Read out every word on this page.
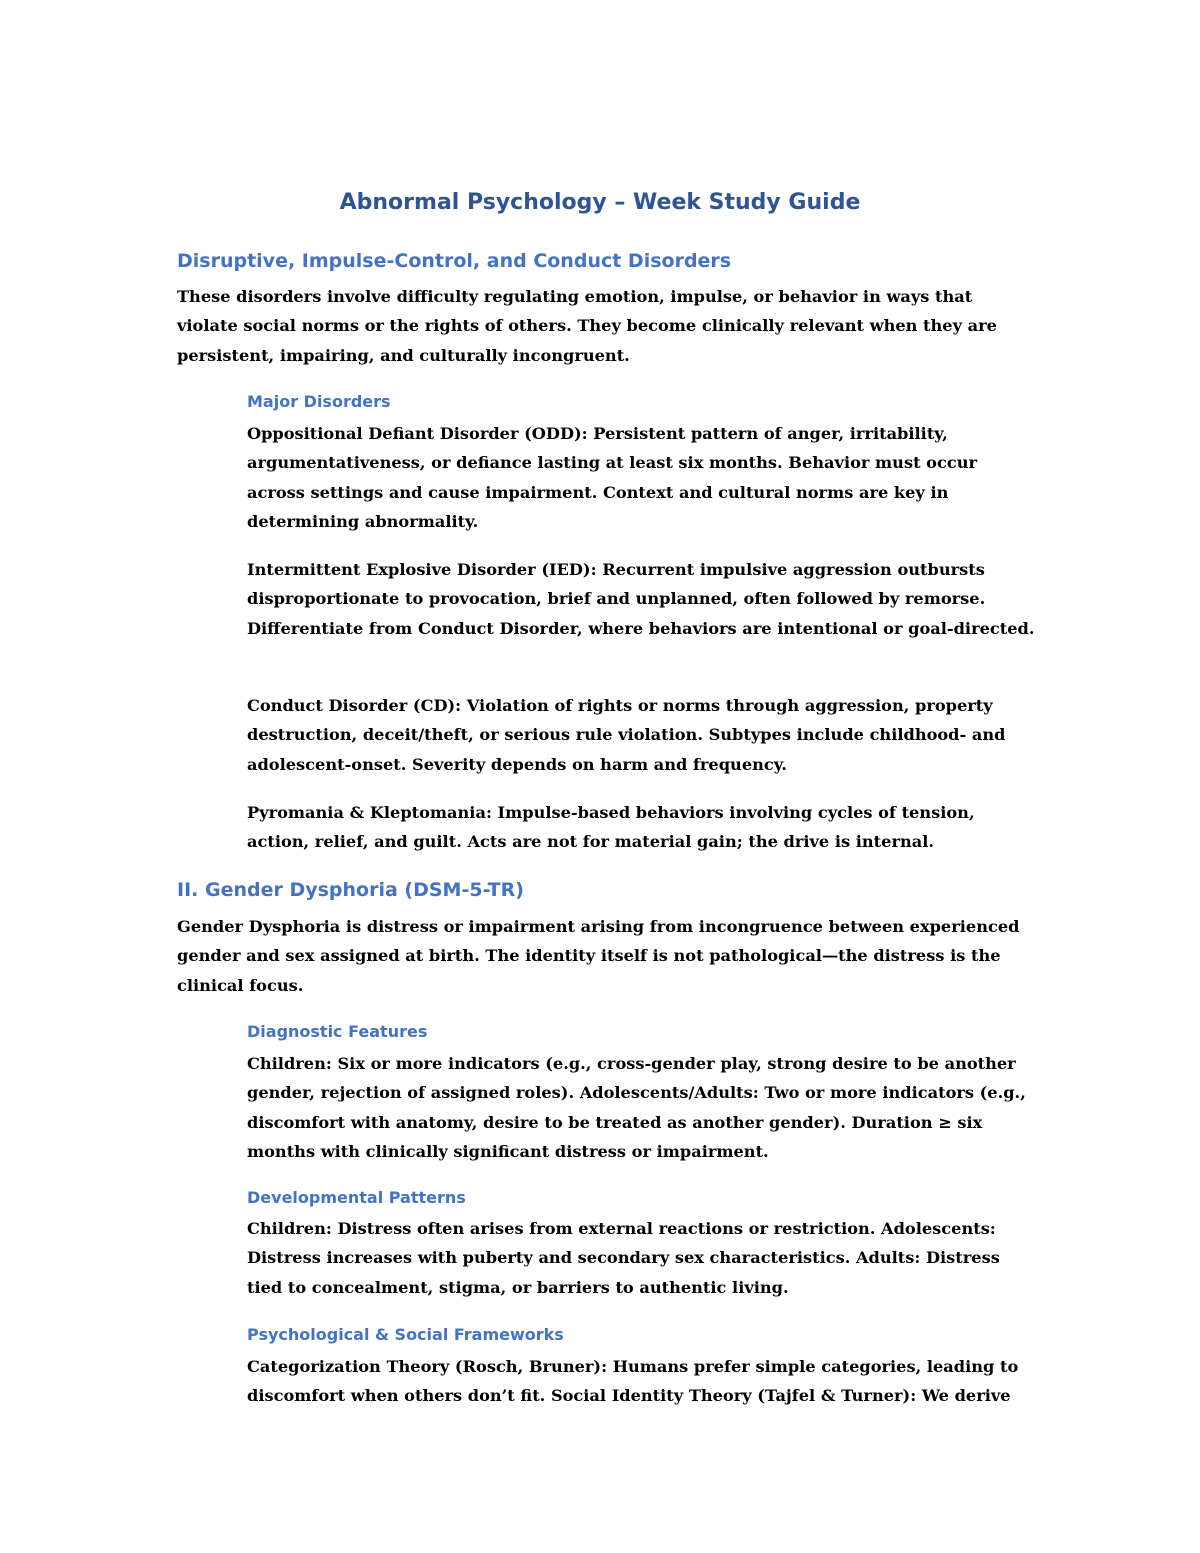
Abnormal Psychology – Week Study Guide
Disruptive, Impulse-Control, and Conduct Disorders

These disorders involve difficulty regulating emotion, impulse, or behavior in ways that violate social norms or the rights of others. They become clinically relevant when they are persistent, impairing, and culturally incongruent.

Major Disorders

Oppositional Defiant Disorder (ODD): Persistent pattern of anger, irritability, argumentativeness, or defiance lasting at least six months. Behavior must occur across settings and cause impairment. Context and cultural norms are key in determining abnormality.

Intermittent Explosive Disorder (IED): Recurrent impulsive aggression outbursts disproportionate to provocation, brief and unplanned, often followed by remorse. Differentiate from Conduct Disorder, where behaviors are intentional or goal-directed.

Conduct Disorder (CD): Violation of rights or norms through aggression, property destruction, deceit/theft, or serious rule violation. Subtypes include childhood- and adolescent-onset. Severity depends on harm and frequency.

Pyromania & Kleptomania: Impulse-based behaviors involving cycles of tension, action, relief, and guilt. Acts are not for material gain; the drive is internal.

II. Gender Dysphoria (DSM-5-TR)

Gender Dysphoria is distress or impairment arising from incongruence between experienced gender and sex assigned at birth. The identity itself is not pathological—the distress is the clinical focus.

Diagnostic Features

Children: Six or more indicators (e.g., cross-gender play, strong desire to be another gender, rejection of assigned roles). Adolescents/Adults: Two or more indicators (e.g., discomfort with anatomy, desire to be treated as another gender). Duration ≥ six months with clinically significant distress or impairment.

Developmental Patterns

Children: Distress often arises from external reactions or restriction. Adolescents: Distress increases with puberty and secondary sex characteristics. Adults: Distress tied to concealment, stigma, or barriers to authentic living.

Psychological & Social Frameworks

Categorization Theory (Rosch, Bruner): Humans prefer simple categories, leading to discomfort when others don’t fit. Social Identity Theory (Tajfel & Turner): We derive
